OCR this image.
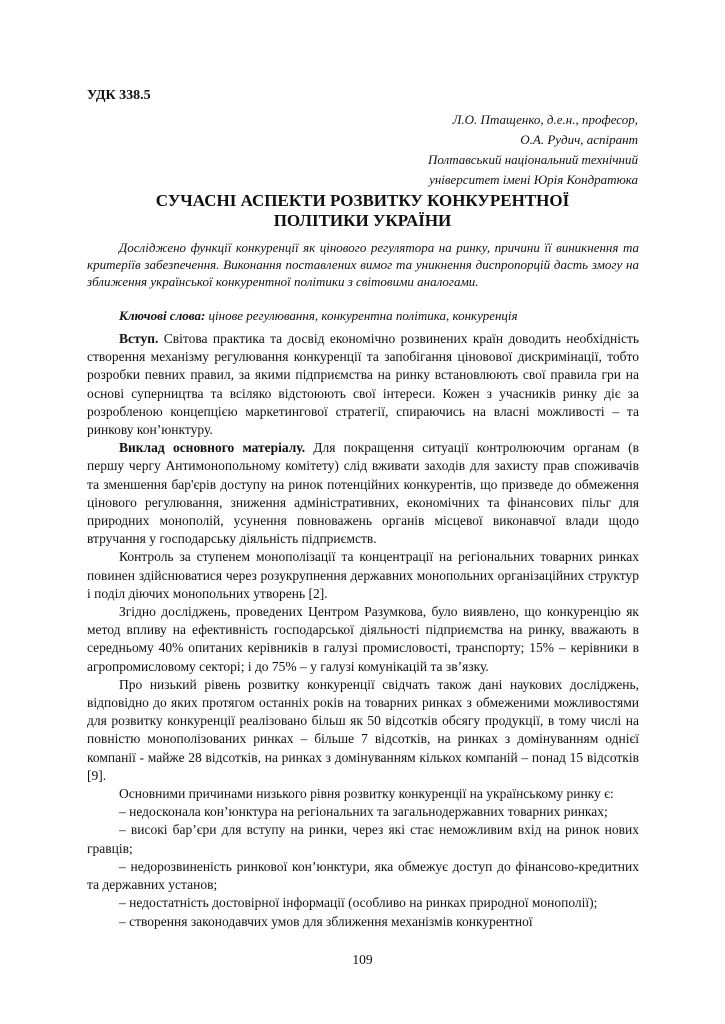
УДК 338.5
Л.О. Птащенко, д.е.н., професор,
О.А. Рудич, аспірант
Полтавський національний технічний
університет імені Юрія Кондратюка
СУЧАСНІ АСПЕКТИ РОЗВИТКУ КОНКУРЕНТНОЇ
ПОЛІТИКИ УКРАЇНИ
Досліджено функції конкуренції як цінового регулятора на ринку, причини її виникнення та критеріїв забезпечення. Виконання поставлених вимог та уникнення диспропорцій дасть змогу на зближення української конкурентної політики з світовими аналогами.
Ключові слова: цінове регулювання, конкурентна політика, конкуренція

Вступ. Світова практика та досвід економічно розвинених країн доводить необхідність створення механізму регулювання конкуренції та запобігання ціновової дискримінації, тобто розробки певних правил, за якими підприємства на ринку встановлюють свої правила гри на основі суперництва та всіляко відстоюють свої інтереси. Кожен з учасників ринку діє за розробленою концепцією маркетингової стратегії, спираючись на власні можливості – та ринкову кон’юнктуру.

Виклад основного матеріалу. Для покращення ситуації контролюючим органам (в першу чергу Антимонопольному комітету) слід вживати заходів для захисту прав споживачів та зменшення бар'єрів доступу на ринок потенційних конкурентів, що призведе до обмеження цінового регулювання, зниження адміністративних, економічних та фінансових пільг для природних монополій, усунення повноважень органів місцевої виконавчої влади щодо втручання у господарську діяльність підприємств.

Контроль за ступенем монополізації та концентрації на регіональних товарних ринках повинен здійснюватися через розукрупнення державних монопольних організаційних структур і поділ діючих монопольних утворень [2].

Згідно досліджень, проведених Центром Разумкова, було виявлено, що конкуренцію як метод впливу на ефективність господарської діяльності підприємства на ринку, вважають в середньому 40% опитаних керівників в галузі промисловості, транспорту; 15% – керівники в агропромисловому секторі; і до 75% – у галузі комунікацій та зв’язку.

Про низький рівень розвитку конкуренції свідчать також дані наукових досліджень, відповідно до яких протягом останніх років на товарних ринках з обмеженими можливостями для розвитку конкуренції реалізовано більш як 50 відсотків обсягу продукції, в тому числі на повністю монополізованих ринках – більше 7 відсотків, на ринках з домінуванням однієї компанії - майже 28 відсотків, на ринках з домінуванням кількох компаній – понад 15 відсотків [9].

Основними причинами низького рівня розвитку конкуренції на українському ринку є:

– недосконала кон’юнктура на регіональних та загальнодержавних товарних ринках;

– високі бар’єри для вступу на ринки, через які стає неможливим вхід на ринок нових гравців;

– недорозвиненість ринкової кон’юнктури, яка обмежує доступ до фінансово-кредитних та державних установ;

– недостатність достовірної інформації (особливо на ринках природної монополії);

– створення законодавчих умов для зближення механізмів конкурентної

109
